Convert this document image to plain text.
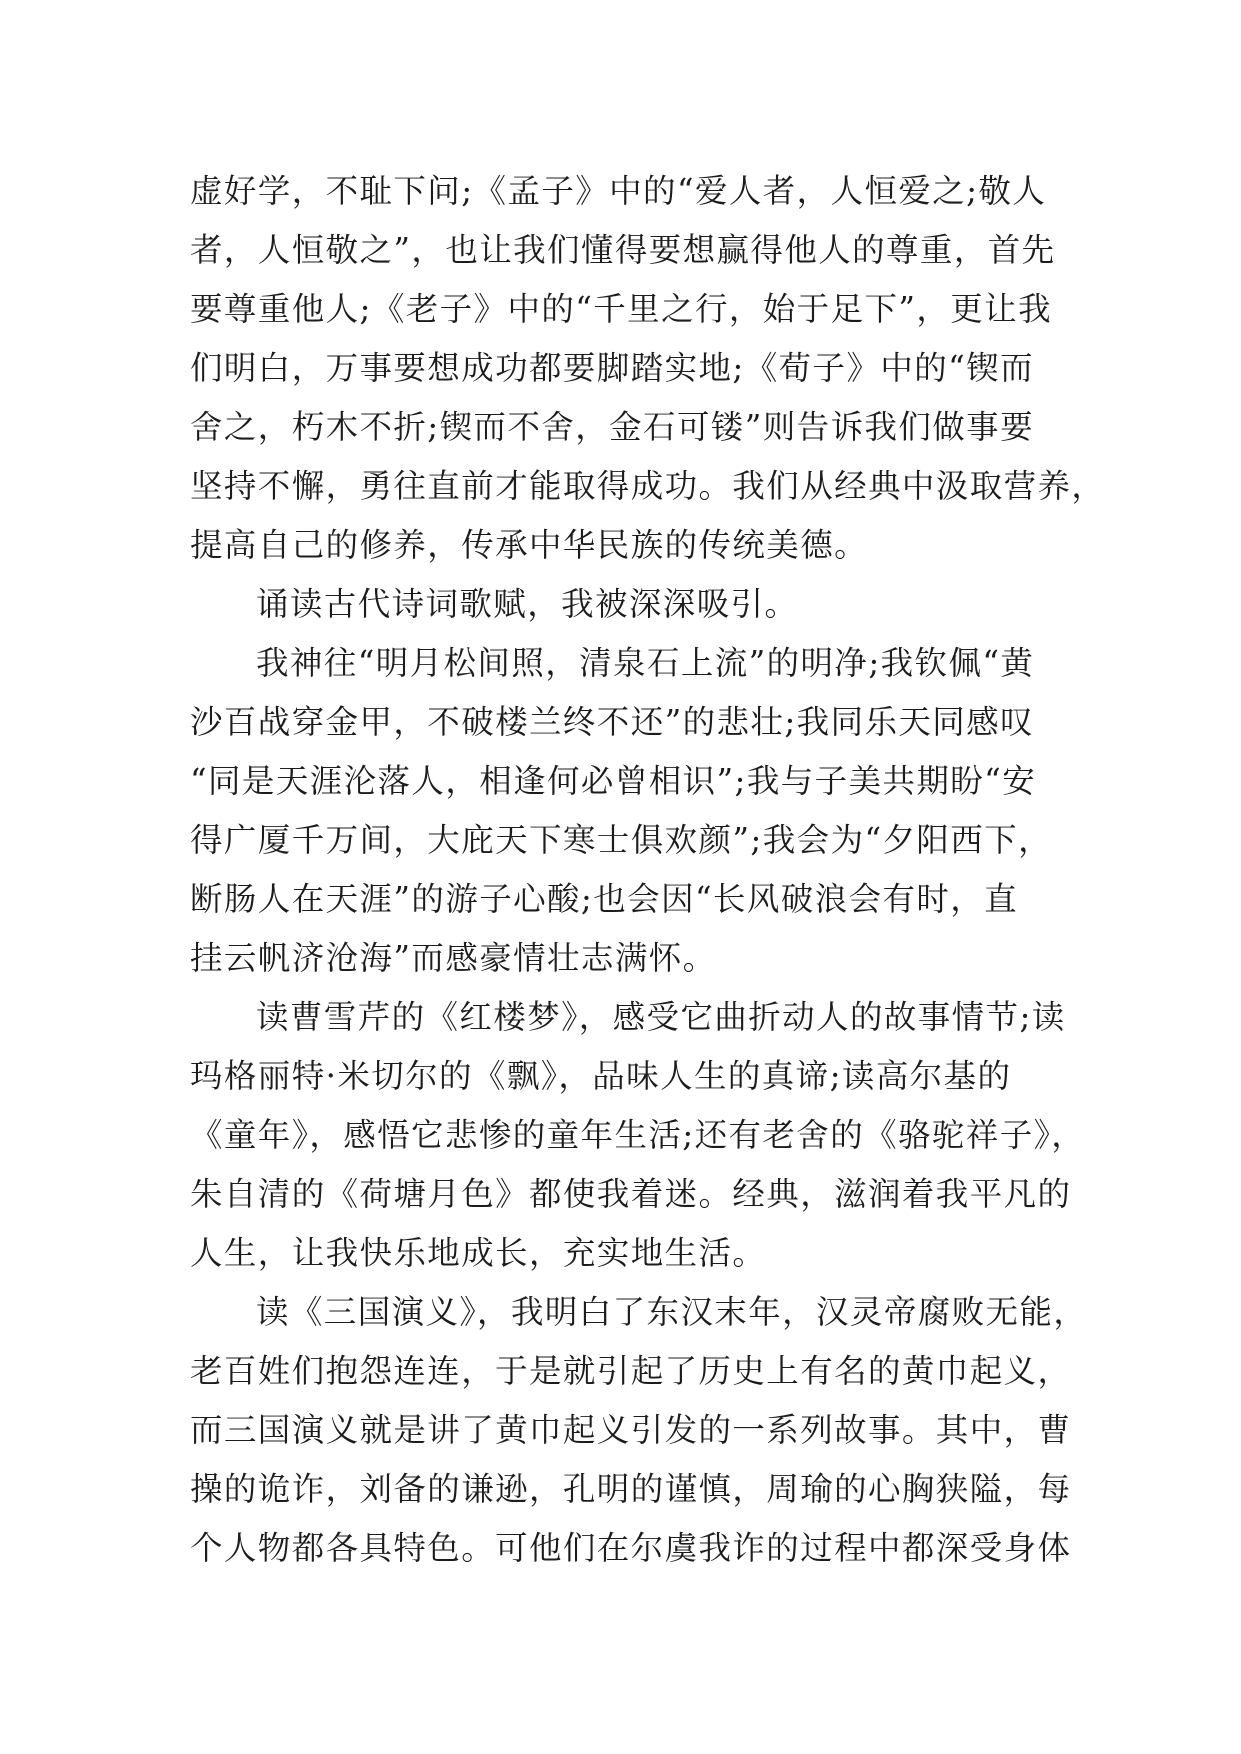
虚好学，不耻下问;《孟子》中的“爱人者，人恒爱之;敬人
者，人恒敬之”，也让我们懂得要想赢得他人的尊重，首先
要尊重他人;《老子》中的“千里之行，始于足下”，更让我
们明白，万事要想成功都要脚踏实地;《荀子》中的“锲而
舍之，朽木不折;锲而不舍，金石可镂”则告诉我们做事要
坚持不懈，勇往直前才能取得成功。我们从经典中汲取营养，
提高自己的修养，传承中华民族的传统美德。
诵读古代诗词歌赋，我被深深吸引。
我神往“明月松间照，清泉石上流”的明净;我钦佩“黄
沙百战穿金甲，不破楼兰终不还”的悲壮;我同乐天同感叹
“同是天涯沦落人，相逢何必曾相识”;我与子美共期盼“安
得广厦千万间，大庇天下寒士俱欢颜”;我会为“夕阳西下，
断肠人在天涯”的游子心酸;也会因“长风破浪会有时，直
挂云帆济沧海”而感豪情壮志满怀。
读曹雪芹的《红楼梦》，感受它曲折动人的故事情节;读
玛格丽特·米切尔的《飘》，品味人生的真谛;读高尔基的
《童年》，感悟它悲惨的童年生活;还有老舍的《骆驼祥子》，
朱自清的《荷塘月色》都使我着迷。经典，滋润着我平凡的
人生，让我快乐地成长，充实地生活。
读《三国演义》，我明白了东汉末年，汉灵帝腐败无能，
老百姓们抱怨连连，于是就引起了历史上有名的黄巾起义，
而三国演义就是讲了黄巾起义引发的一系列故事。其中，曹
操的诡诈，刘备的谦逊，孔明的谨慎，周瑜的心胸狭隘，每
个人物都各具特色。可他们在尔虞我诈的过程中都深受身体
